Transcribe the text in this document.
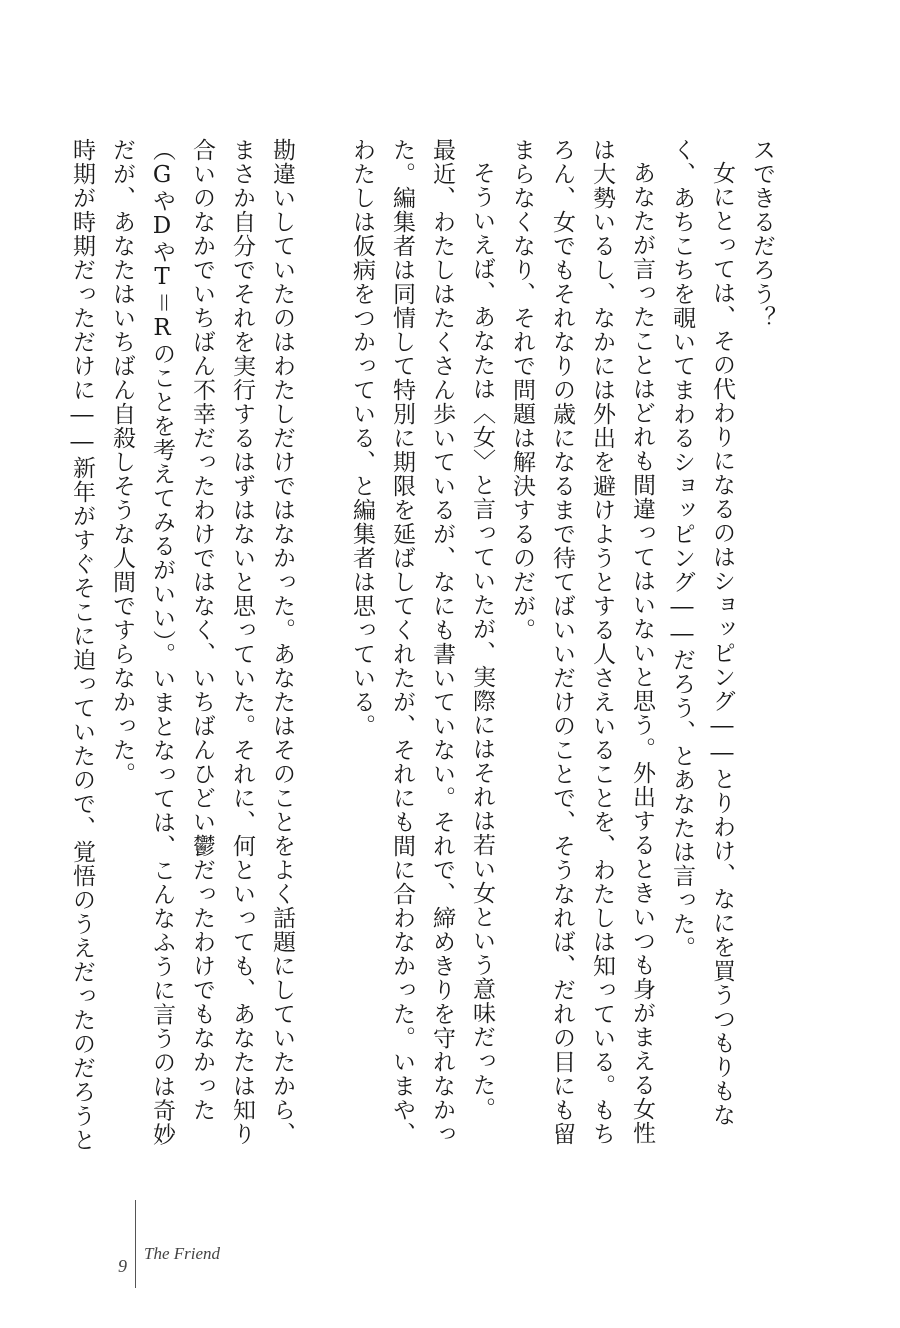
スできるだろう？

女にとっては、その代わりになるのはショッピング――とりわけ、なにを買うつもりもなく、あちこちを覗いてまわるショッピング――だろう、とあなたは言った。

あなたが言ったことはどれも間違ってはいないと思う。外出するときいつも身がまえる女性は大勢いるし、なかには外出を避けようとする人さえいることを、わたしは知っている。もちろん、女でもそれなりの歳になるまで待てばいいだけのことで、そうなれば、だれの目にも留まらなくなり、それで問題は解決するのだが。

そういえば、あなたは〈女〉と言っていたが、実際にはそれは若い女という意味だった。

最近、わたしはたくさん歩いているが、なにも書いていない。それで、締めきりを守れなかった。編集者は同情して特別に期限を延ばしてくれたが、それにも間に合わなかった。いまや、わたしは仮病をつかっている、と編集者は思っている。

勘違いしていたのはわたしだけではなかった。あなたはそのことをよく話題にしていたから、まさか自分でそれを実行するはずはないと思っていた。それに、何といっても、あなたは知り合いのなかでいちばん不幸だったわけではなく、いちばんひどい鬱だったわけでもなかった（GやDやT＝Rのことを考えてみるがいい）。いまとなっては、こんなふうに言うのは奇妙だが、あなたはいちばん自殺しそうな人間ですらなかった。

時期が時期だっただけに――新年がすぐそこに迫っていたので、覚悟のうえだったのだろうと

9
The Friend
